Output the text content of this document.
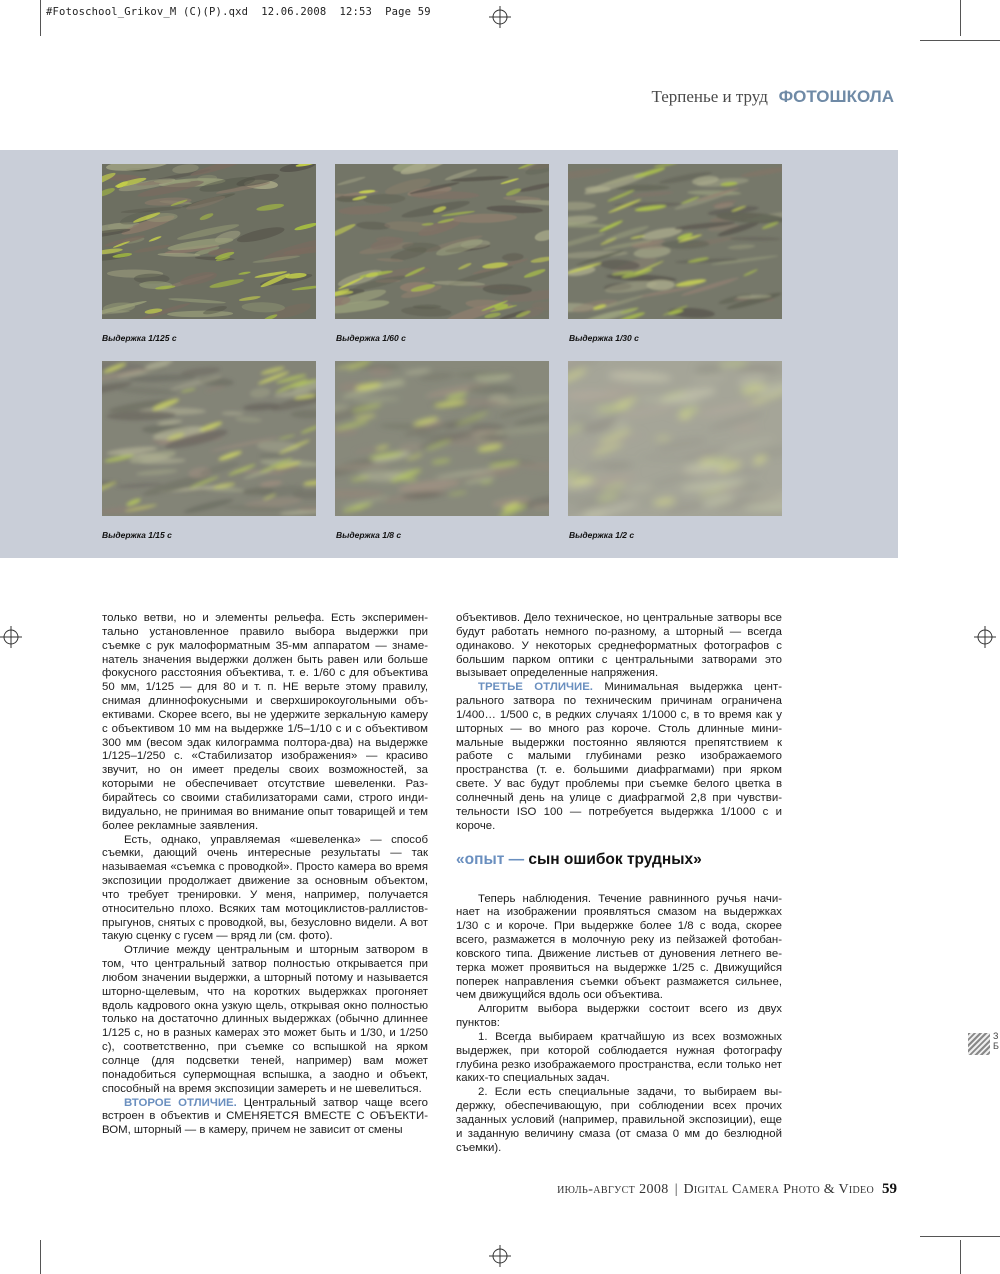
#Fotoschool_Grikov_M (C)(P).qxd  12.06.2008  12:53  Page 59
Терпенье и труд ФОТОШКОЛА
Выдержка 1/125 с	Выдержка 1/60 с	Выдержка 1/30 с
Выдержка 1/15 с	Выдержка 1/8 с	Выдержка 1/2 с

только ветви, но и элементы рельефа. Есть экспериментально установленное правило выбора выдержки при съемке с рук малоформатным 35-мм аппаратом — знаменатель значения выдержки должен быть равен или больше фокусного расстояния объектива, т. е. 1/60 с для объектива 50 мм, 1/125 — для 80 и т. п. НЕ верьте этому правилу, снимая длиннофокусными и сверхширокоугольными объективами. Скорее всего, вы не удержите зеркальную камеру с объективом 10 мм на выдержке 1/5–1/10 с и с объективом 300 мм (весом эдак килограмма полтора-два) на выдержке 1/125–1/250 с. «Стабилизатор изображения» — красиво звучит, но он имеет пределы своих возможностей, за которыми не обеспечивает отсутствие шевеленки. Разбирайтесь со своими стабилизаторами сами, строго индивидуально, не принимая во внимание опыт товарищей и тем более рекламные заявления.

Есть, однако, управляемая «шевеленка» — способ съемки, дающий очень интересные результаты — так называемая «съемка с проводкой». Просто камера во время экспозиции продолжает движение за основным объектом, что требует тренировки. У меня, например, получается относительно плохо. Всяких там мотоциклистов-раллистов-прыгунов, снятых с проводкой, вы, безусловно видели. А вот такую сценку с гусем — вряд ли (см. фото).

Отличие между центральным и шторным затвором в том, что центральный затвор полностью открывается при любом значении выдержки, а шторный потому и называется шторно-щелевым, что на коротких выдержках прогоняет вдоль кадрового окна узкую щель, открывая окно полностью только на достаточно длинных выдержках (обычно длиннее 1/125 с, но в разных камерах это может быть и 1/30, и 1/250 с), соответственно, при съемке со вспышкой на ярком солнце (для подсветки теней, например) вам может понадобиться супермощная вспышка, а заодно и объект, способный на время экспозиции замереть и не шевелиться.

ВТОРОЕ ОТЛИЧИЕ. Центральный затвор чаще всего встроен в объектив и СМЕНЯЕТСЯ ВМЕСТЕ С ОБЪЕКТИВОМ, шторный — в камеру, причем не зависит от смены

объективов. Дело техническое, но центральные затворы все будут работать немного по-разному, а шторный — всегда одинаково. У некоторых среднеформатных фотографов с большим парком оптики с центральными затворами это вызывает определенные напряжения.

ТРЕТЬЕ ОТЛИЧИЕ. Минимальная выдержка центрального затвора по техническим причинам ограничена 1/400… 1/500 с, в редких случаях 1/1000 с, в то время как у шторных — во много раз короче. Столь длинные минимальные выдержки постоянно являются препятствием к работе с малыми глубинами резко изображаемого пространства (т. е. большими диафрагмами) при ярком свете. У вас будут проблемы при съемке белого цветка в солнечный день на улице с диафрагмой 2,8 при чувствительности ISO 100 — потребуется выдержка 1/1000 с и короче.

«опыт — сын ошибок трудных»

Теперь наблюдения. Течение равнинного ручья начинает на изображении проявляться смазом на выдержках 1/30 с и короче. При выдержке более 1/8 с вода, скорее всего, размажется в молочную реку из пейзажей фотобанковского типа. Движение листьев от дуновения летнего ветерка может проявиться на выдержке 1/25 с. Движущийся поперек направления съемки объект размажется сильнее, чем движущийся вдоль оси объектива.

Алгоритм выбора выдержки состоит всего из двух пунктов:

1. Всегда выбираем кратчайшую из всех возможных выдержек, при которой соблюдается нужная фотографу глубина резко изображаемого пространства, если только нет каких-то специальных задач.

2. Если есть специальные задачи, то выбираем выдержку, обеспечивающую, при соблюдении всех прочих заданных условий (например, правильной экспозиции), еще и заданную величину смаза (от смаза 0 мм до безлюдной съемки).

З
Б
июль-август 2008 | Digital Camera Photo & Video 59
